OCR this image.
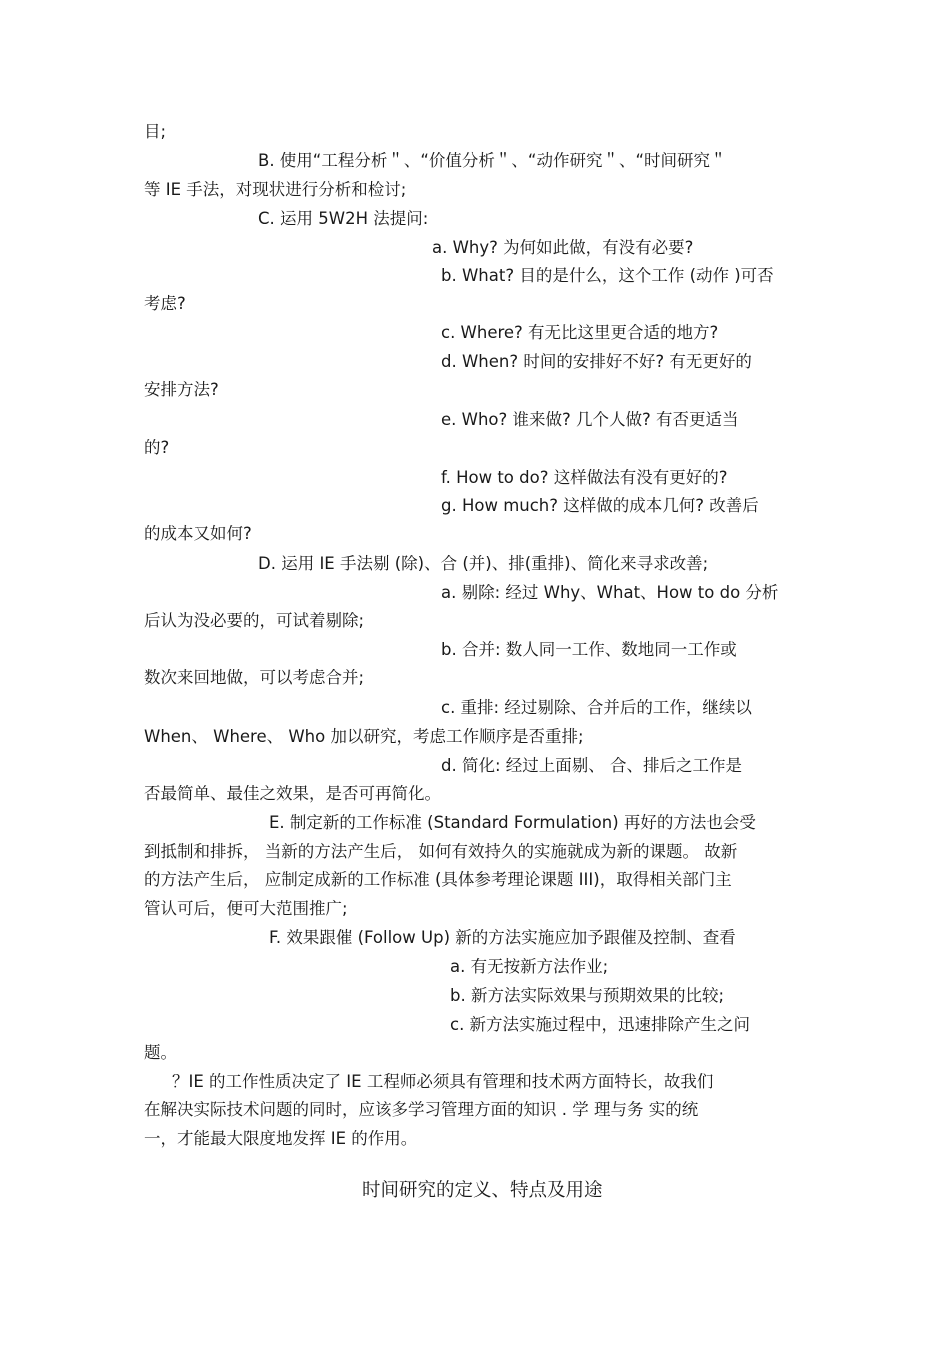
目;
B. 使用“工程分析＂、“价值分析＂、“动作研究＂、“时间研究＂
等 IE 手法，对现状进行分析和检讨;
C. 运用 5W2H 法提问:
a. Why? 为何如此做，有没有必要?
b. What? 目的是什么，这个工作 (动作 )可否
考虑?
c. Where? 有无比这里更合适的地方?
d. When? 时间的安排好不好? 有无更好的
安排方法?
e. Who? 谁来做? 几个人做? 有否更适当
的?
f. How to do? 这样做法有没有更好的?
g. How much? 这样做的成本几何? 改善后
的成本又如何?
D. 运用 IE 手法剔 (除)、合 (并)、排(重排)、简化来寻求改善;
a. 剔除: 经过 Why、What、How to do 分析
后认为没必要的，可试着剔除;
b. 合并: 数人同一工作、数地同一工作或
数次来回地做，可以考虑合并;
c. 重排: 经过剔除、合并后的工作，继续以
When、 Where、 Who 加以研究，考虑工作顺序是否重排;
d. 简化: 经过上面剔、 合、排后之工作是
否最简单、最佳之效果，是否可再简化。
E. 制定新的工作标准 (Standard Formulation) 再好的方法也会受
到抵制和排拆， 当新的方法产生后， 如何有效持久的实施就成为新的课题。 故新
的方法产生后， 应制定成新的工作标准 (具体参考理论课题 III)，取得相关部门主
管认可后，便可大范围推广;
F. 效果跟催 (Follow Up) 新的方法实施应加予跟催及控制、查看
a. 有无按新方法作业;
b. 新方法实际效果与预期效果的比较;
c. 新方法实施过程中，迅速排除产生之问
题。
？IE 的工作性质决定了 IE 工程师必须具有管理和技术两方面特长，故我们
在解决实际技术问题的同时，应该多学习管理方面的知识 . 学 理与务 实的统
一，才能最大限度地发挥 IE 的作用。
时间研究的定义、特点及用途
